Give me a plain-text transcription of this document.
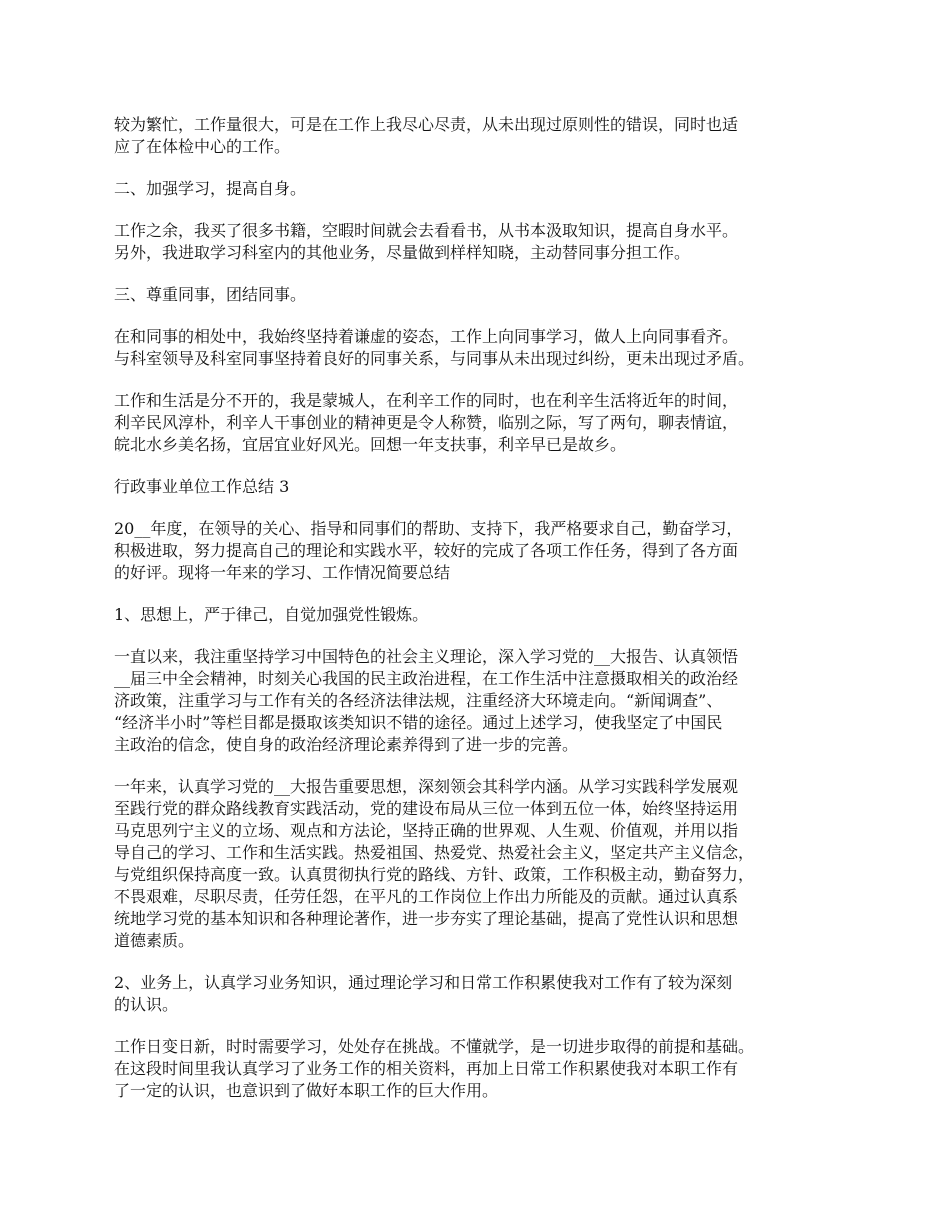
较为繁忙，工作量很大，可是在工作上我尽心尽责，从未出现过原则性的错误，同时也适
应了在体检中心的工作。

二、加强学习，提高自身。

工作之余，我买了很多书籍，空暇时间就会去看看书，从书本汲取知识，提高自身水平。
另外，我进取学习科室内的其他业务，尽量做到样样知晓，主动替同事分担工作。

三、尊重同事，团结同事。

在和同事的相处中，我始终坚持着谦虚的姿态，工作上向同事学习，做人上向同事看齐。
与科室领导及科室同事坚持着良好的同事关系，与同事从未出现过纠纷，更未出现过矛盾。

工作和生活是分不开的，我是蒙城人，在利辛工作的同时，也在利辛生活将近年的时间，
利辛民风淳朴，利辛人干事创业的精神更是令人称赞，临别之际，写了两句，聊表情谊，
皖北水乡美名扬，宜居宜业好风光。回想一年支扶事，利辛早已是故乡。

行政事业单位工作总结 3

20__年度，在领导的关心、指导和同事们的帮助、支持下，我严格要求自己，勤奋学习，
积极进取，努力提高自己的理论和实践水平，较好的完成了各项工作任务，得到了各方面
的好评。现将一年来的学习、工作情况简要总结

1、思想上，严于律己，自觉加强党性锻炼。

一直以来，我注重坚持学习中国特色的社会主义理论，深入学习党的__大报告、认真领悟
__届三中全会精神，时刻关心我国的民主政治进程，在工作生活中注意摄取相关的政治经
济政策，注重学习与工作有关的各经济法律法规，注重经济大环境走向。“新闻调查”、
“经济半小时”等栏目都是摄取该类知识不错的途径。通过上述学习，使我坚定了中国民
主政治的信念，使自身的政治经济理论素养得到了进一步的完善。

一年来，认真学习党的__大报告重要思想，深刻领会其科学内涵。从学习实践科学发展观
至践行党的群众路线教育实践活动，党的建设布局从三位一体到五位一体，始终坚持运用
马克思列宁主义的立场、观点和方法论，坚持正确的世界观、人生观、价值观，并用以指
导自己的学习、工作和生活实践。热爱祖国、热爱党、热爱社会主义，坚定共产主义信念，
与党组织保持高度一致。认真贯彻执行党的路线、方针、政策，工作积极主动，勤奋努力，
不畏艰难，尽职尽责，任劳任怨，在平凡的工作岗位上作出力所能及的贡献。通过认真系
统地学习党的基本知识和各种理论著作，进一步夯实了理论基础，提高了党性认识和思想
道德素质。

2、业务上，认真学习业务知识，通过理论学习和日常工作积累使我对工作有了较为深刻
的认识。

工作日变日新，时时需要学习，处处存在挑战。不懂就学，是一切进步取得的前提和基础。
在这段时间里我认真学习了业务工作的相关资料，再加上日常工作积累使我对本职工作有
了一定的认识，也意识到了做好本职工作的巨大作用。
